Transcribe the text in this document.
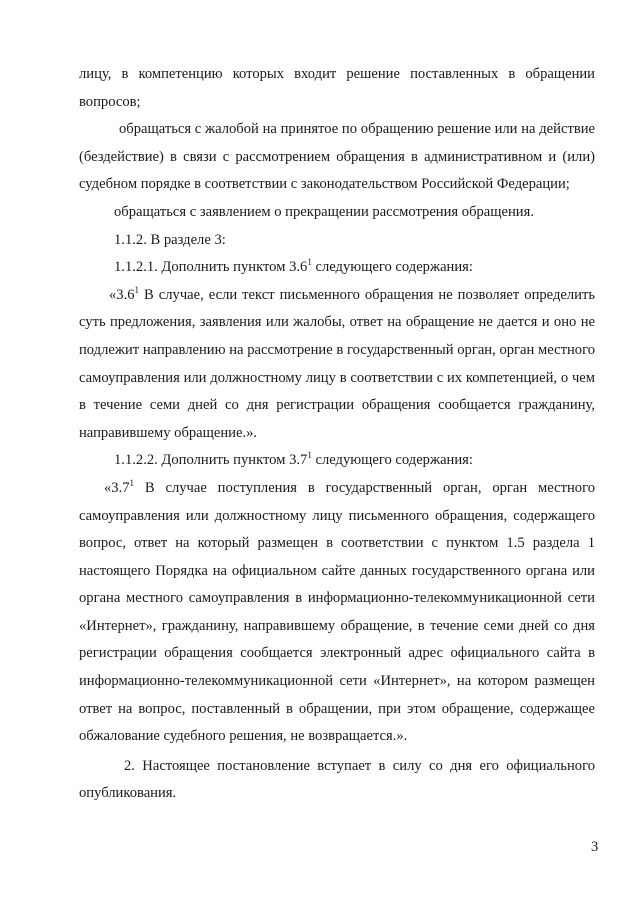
лицу, в компетенцию которых входит решение поставленных в обращении вопросов;

обращаться с жалобой на принятое по обращению решение или на действие (бездействие) в связи с рассмотрением обращения в административном и (или) судебном порядке в соответствии с законодательством Российской Федерации;

обращаться с заявлением о прекращении рассмотрения обращения.

1.1.2. В разделе 3:

1.1.2.1. Дополнить пунктом $3.6^1$ следующего содержания:

«$3.6^1$ В случае, если текст письменного обращения не позволяет определить суть предложения, заявления или жалобы, ответ на обращение не дается и оно не подлежит направлению на рассмотрение в государственный орган, орган местного самоуправления или должностному лицу в соответствии с их компетенцией, о чем в течение семи дней со дня регистрации обращения сообщается гражданину, направившему обращение.».

1.1.2.2. Дополнить пунктом $3.7^1$ следующего содержания:

«$3.7^1$ В случае поступления в государственный орган, орган местного самоуправления или должностному лицу письменного обращения, содержащего вопрос, ответ на который размещен в соответствии с пунктом 1.5 раздела 1 настоящего Порядка на официальном сайте данных государственного органа или органа местного самоуправления в информационно-телекоммуникационной сети «Интернет», гражданину, направившему обращение, в течение семи дней со дня регистрации обращения сообщается электронный адрес официального сайта в информационно-телекоммуникационной сети «Интернет», на котором размещен ответ на вопрос, поставленный в обращении, при этом обращение, содержащее обжалование судебного решения, не возвращается.».

2. Настоящее постановление вступает в силу со дня его официального опубликования.

3
